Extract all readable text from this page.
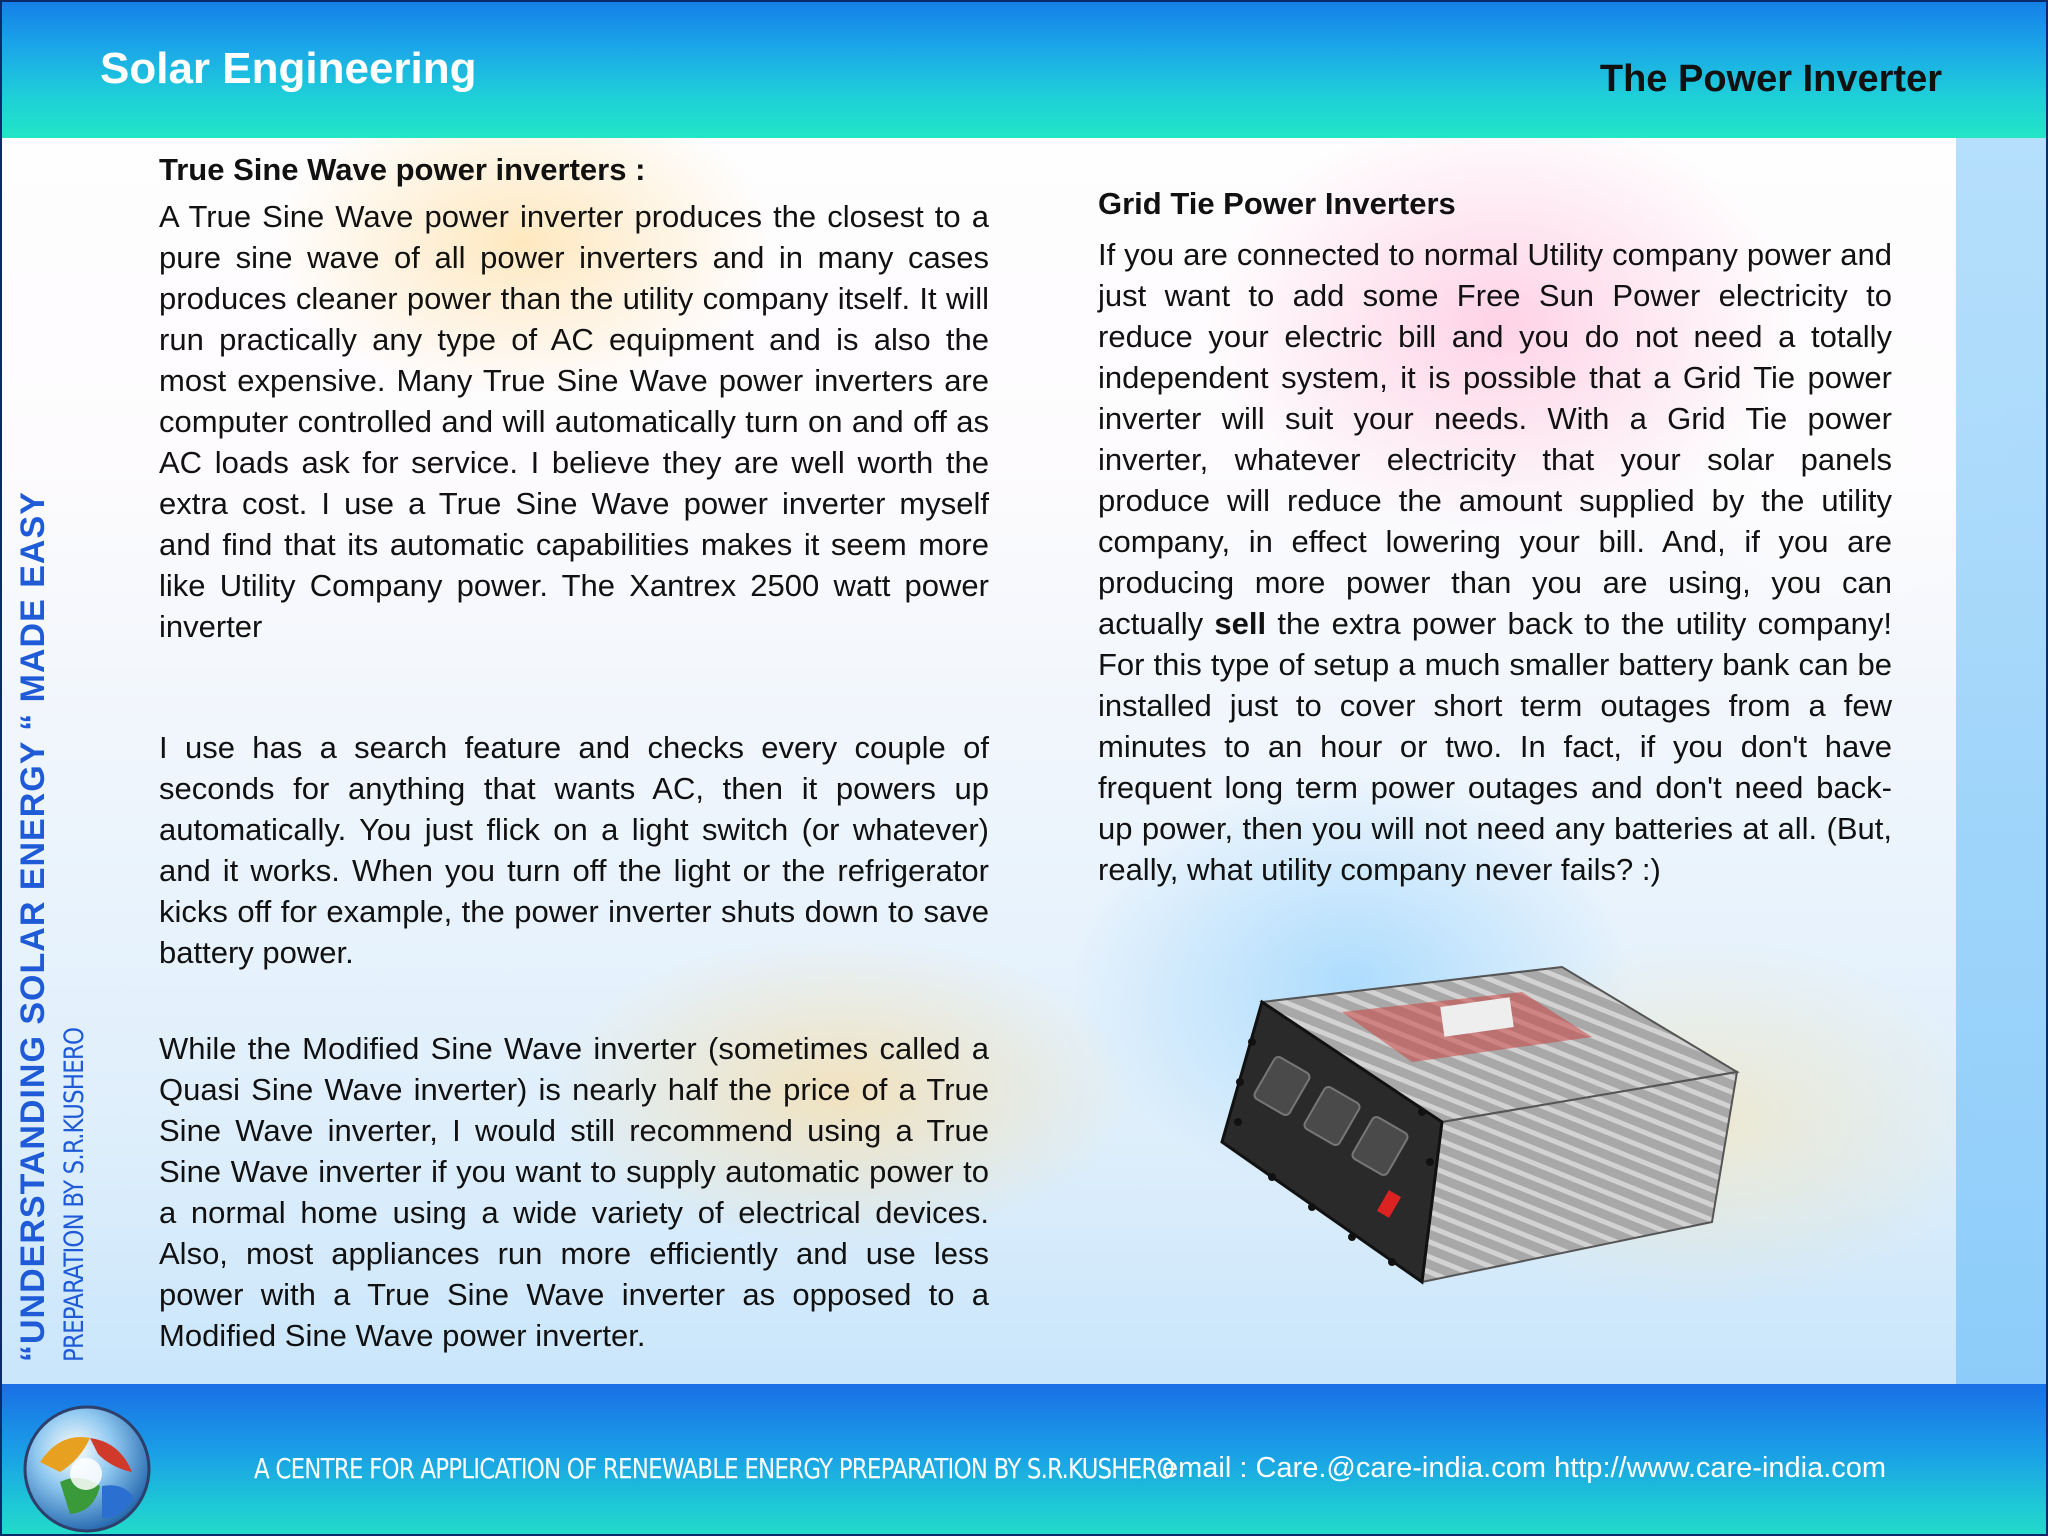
Solar Engineering	The Power Inverter
“UNDERSTANDING SOLAR ENERGY “ MADE EASY PREPARATION BY S.R.KUSHERO
True Sine Wave power inverters :

A True Sine Wave power inverter produces the closest to a pure sine wave of all power inverters and in many cases produces cleaner power than the utility company itself. It will run practically any type of AC equipment and is also the most expensive. Many True Sine Wave power inverters are computer controlled and will automatically turn on and off as AC loads ask for service. I believe they are well worth the extra cost. I use a True Sine Wave power inverter myself and find that its automatic capabilities makes it seem more like Utility Company power. The Xantrex 2500 watt power inverter

I use has a search feature and checks every couple of seconds for anything that wants AC, then it powers up automatically. You just flick on a light switch (or whatever) and it works. When you turn off the light or the refrigerator kicks off for example, the power inverter shuts down to save battery power.

While the Modified Sine Wave inverter (sometimes called a Quasi Sine Wave inverter) is nearly half the price of a True Sine Wave inverter, I would still recommend using a True Sine Wave inverter if you want to supply automatic power to a normal home using a wide variety of electrical devices. Also, most appliances run more efficiently and use less power with a True Sine Wave inverter as opposed to a Modified Sine Wave power inverter.

Grid Tie Power Inverters

If you are connected to normal Utility company power and just want to add some Free Sun Power electricity to reduce your electric bill and you do not need a totally independent system, it is possible that a Grid Tie power inverter will suit your needs. With a Grid Tie power inverter, whatever electricity that your solar panels produce will reduce the amount supplied by the utility company, in effect lowering your bill. And, if you are producing more power than you are using, you can actually sell the extra power back to the utility company! For this type of setup a much smaller battery bank can be installed just to cover short term outages from a few minutes to an hour or two. In fact, if you don't have frequent long term power outages and don't need back-up power, then you will not need any batteries at all. (But, really, what utility company never fails? :)

A CENTRE FOR APPLICATION OF RENEWABLE ENERGY PREPARATION BY S.R.KUSHERO
email : Care.@care-india.com http://www.care-india.com
